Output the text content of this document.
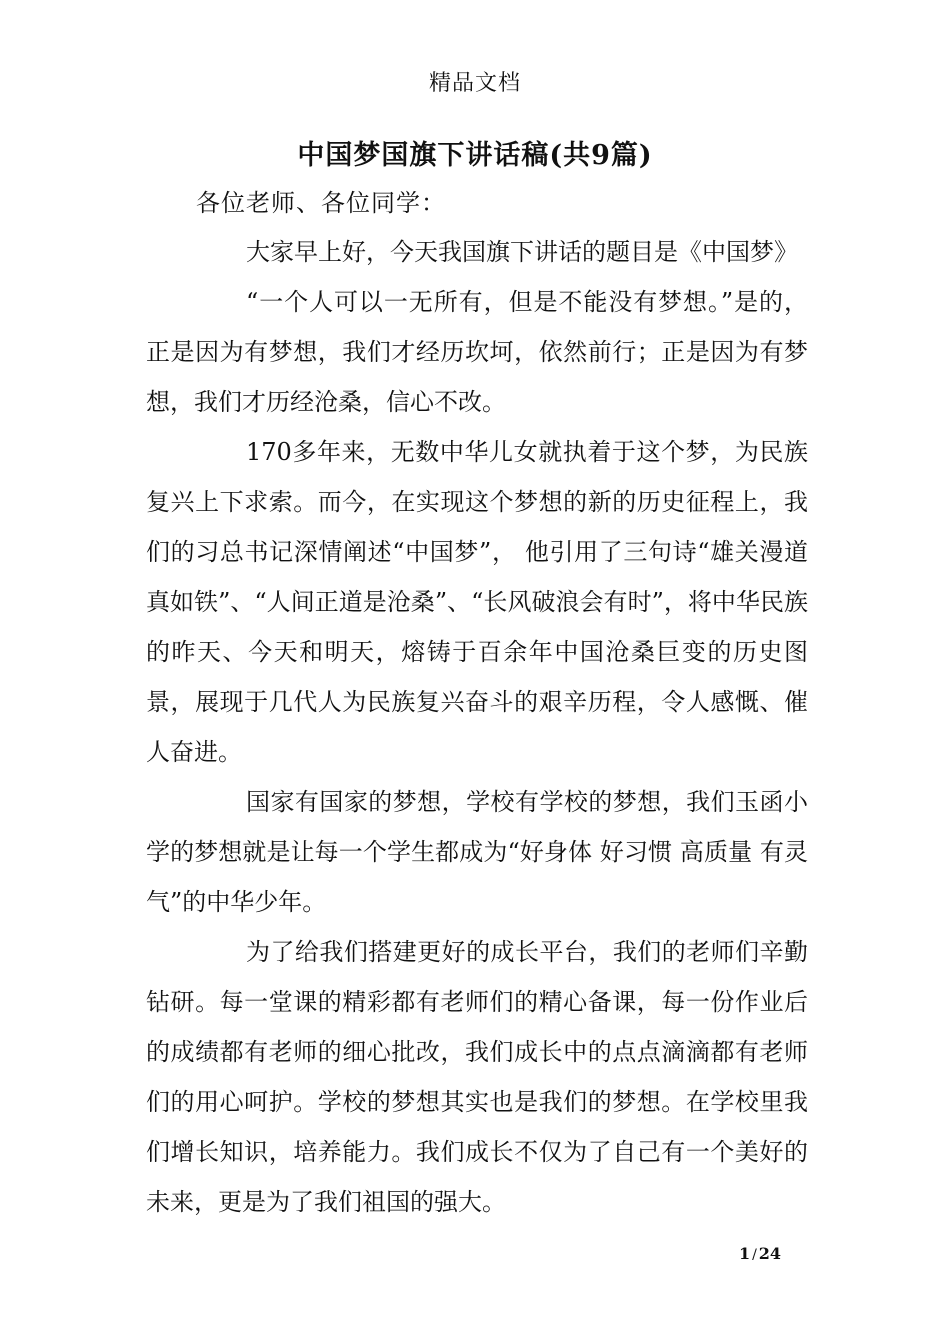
精品文档
中国梦国旗下讲话稿(共9篇)
各位老师、各位同学：

大家早上好，今天我国旗下讲话的题目是《中国梦》

“一个人可以一无所有，但是不能没有梦想。”是的，正是因为有梦想，我们才经历坎坷，依然前行；正是因为有梦想，我们才历经沧桑，信心不改。

170多年来，无数中华儿女就执着于这个梦，为民族复兴上下求索。而今，在实现这个梦想的新的历史征程上，我们的习总书记深情阐述“中国梦”， 他引用了三句诗“雄关漫道真如铁”、“人间正道是沧桑”、“长风破浪会有时”，将中华民族的昨天、今天和明天，熔铸于百余年中国沧桑巨变的历史图景，展现于几代人为民族复兴奋斗的艰辛历程，令人感慨、催人奋进。

国家有国家的梦想，学校有学校的梦想，我们玉函小学的梦想就是让每一个学生都成为“好身体 好习惯 高质量 有灵气”的中华少年。

为了给我们搭建更好的成长平台，我们的老师们辛勤钻研。每一堂课的精彩都有老师们的精心备课，每一份作业后的成绩都有老师的细心批改，我们成长中的点点滴滴都有老师们的用心呵护。学校的梦想其实也是我们的梦想。在学校里我们增长知识，培养能力。我们成长不仅为了自己有一个美好的未来，更是为了我们祖国的强大。

1 / 24
